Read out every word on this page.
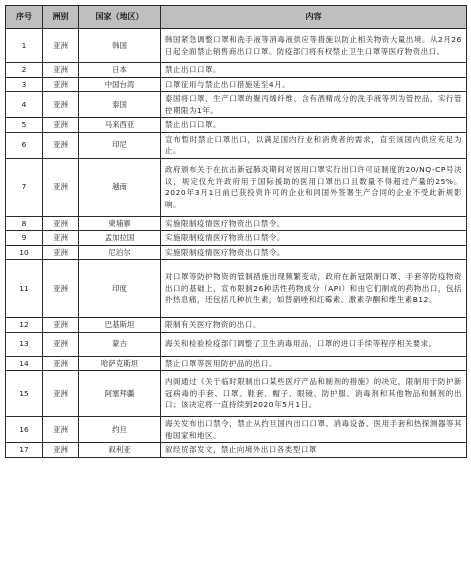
序号	洲别	国家（地区）	内容
1	亚洲	韩国	韩国紧急调整口罩和洗手液等消毒液供应等措施以防止相关物资大量出境。从2月26日起全面禁止销售商出口口罩。防疫部门将有权禁止卫生口罩等医疗物资出口。
2	亚洲	日本	禁止出口口罩。
3	亚洲	中国台湾	口罩征用与禁止出口措施延至4月。
4	亚洲	泰国	泰国将口罩、生产口罩的聚丙烯纤维、含有酒精成分的洗手液等列为管控品，实行管控期限为1年。
5	亚洲	马来西亚	禁止出口口罩。
6	亚洲	印尼	宣布暂时禁止口罩出口，以满足国内行业和消费者的需求，直至该国内供应充足为止。
7	亚洲	越南	政府颁布关于在抗击新冠肺炎期间对医用口罩实行出口许可证制度的20/NQ-CP号决议，规定仅允许政府用于国际援助的医用口罩出口且数量不得超过产量的25%。2020年3月1日前已获投资许可的企业和同国外签署生产合同的企业不受此新规影响。
8	亚洲	柬埔寨	实施限制疫情医疗物资出口禁令。
9	亚洲	孟加拉国	实施限制疫情医疗物资出口禁令。
10	亚洲	尼泊尔	实施限制疫情医疗物资出口禁令。
11	亚洲	印度	对口罩等防护物资的管制措施出现频繁变动，政府在新冠限制口罩、手套等防疫物资出口的基础上，宣布限制26种活性药物成分（API）和由它们制成的药物出口，包括扑热息痛，还包括几种抗生素，如替硝唑和红霉素、激素孕酮和维生素B12。
12	亚洲	巴基斯坦	限制有关医疗物资的出口。
13	亚洲	蒙古	海关和检验检疫部门调整了卫生消毒用品、口罩的进口手续等程序相关要求。
14	亚洲	哈萨克斯坦	禁止口罩等医用防护品的出口。
15	亚洲	阿塞拜疆	内阁通过《关于临时限制出口某些医疗产品和制剂的措施》的决定，限制用于防护新冠病毒的手套、口罩、鞋套、帽子、眼镜、防护服、消毒剂和其他物品和制剂的出口；该决定将一直持续到2020年5月1日。
16	亚洲	约旦	海关发布出口禁令，禁止从约旦国内出口口罩、消毒设备、医用手套和热探测器等其他国家和地区。
17	亚洲	叙利亚	叙经贸部发文，禁止向境外出口各类型口罩
